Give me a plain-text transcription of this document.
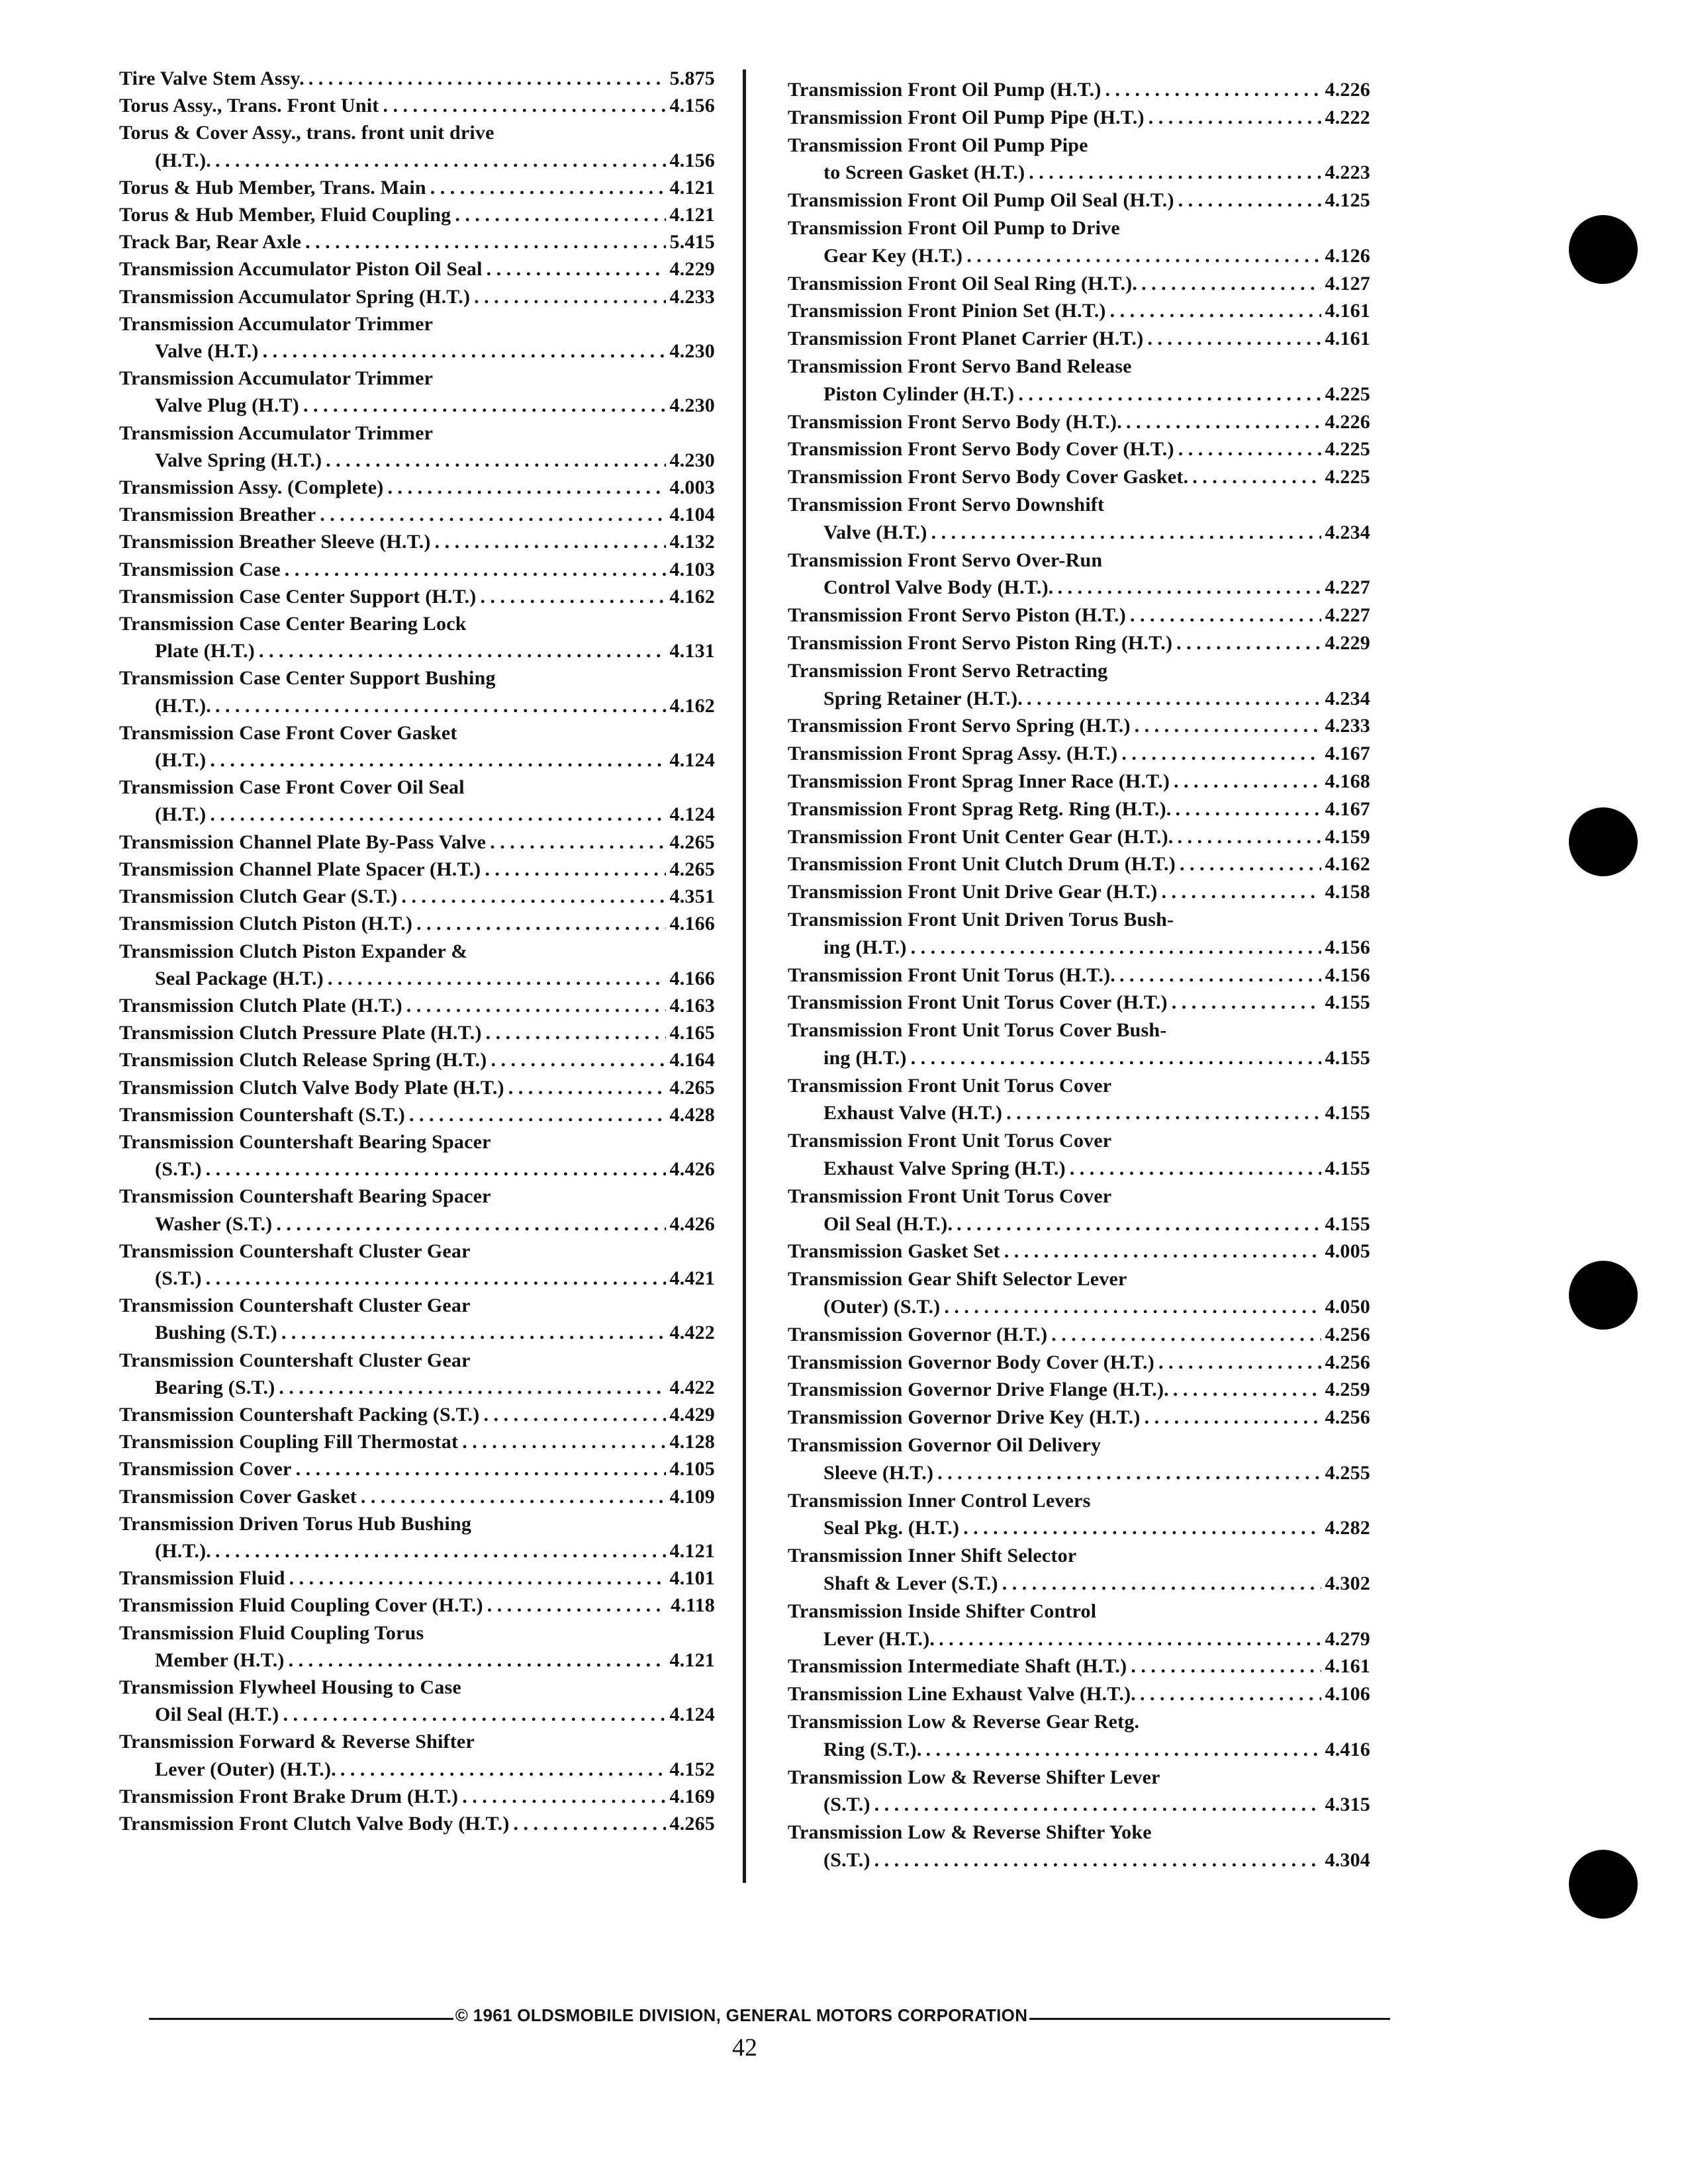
Tire Valve Stem Assy. . . .	5.875
Torus Assy., Trans. Front Unit . . .	4.156
Torus & Cover Assy., trans. front unit drive
(H.T.). . . .	4.156
Torus & Hub Member, Trans. Main . . .	4.121
Torus & Hub Member, Fluid Coupling . . .	4.121
Track Bar, Rear Axle . . .	5.415
Transmission Accumulator Piston Oil Seal . . .	4.229
Transmission Accumulator Spring (H.T.) . . .	4.233
Transmission Accumulator Trimmer
Valve (H.T.) . . .	4.230
Transmission Accumulator Trimmer
Valve Plug (H.T) . . .	4.230
Transmission Accumulator Trimmer
Valve Spring (H.T.) . . .	4.230
Transmission Assy. (Complete) . . .	4.003
Transmission Breather . . .	4.104
Transmission Breather Sleeve (H.T.) . . .	4.132
Transmission Case . . .	4.103
Transmission Case Center Support (H.T.) . . .	4.162
Transmission Case Center Bearing Lock
Plate (H.T.) . . .	4.131
Transmission Case Center Support Bushing
(H.T.). . . .	4.162
Transmission Case Front Cover Gasket
(H.T.) . . .	4.124
Transmission Case Front Cover Oil Seal
(H.T.) . . .	4.124
Transmission Channel Plate By-Pass Valve . . .	4.265
Transmission Channel Plate Spacer (H.T.) . . .	4.265
Transmission Clutch Gear (S.T.) . . .	4.351
Transmission Clutch Piston (H.T.) . . .	4.166
Transmission Clutch Piston Expander &
Seal Package (H.T.) . . .	4.166
Transmission Clutch Plate (H.T.) . . .	4.163
Transmission Clutch Pressure Plate (H.T.) . . .	4.165
Transmission Clutch Release Spring (H.T.) . . .	4.164
Transmission Clutch Valve Body Plate (H.T.) . . .	4.265
Transmission Countershaft (S.T.) . . .	4.428
Transmission Countershaft Bearing Spacer
(S.T.) . . .	4.426
Transmission Countershaft Bearing Spacer
Washer (S.T.) . . .	4.426
Transmission Countershaft Cluster Gear
(S.T.) . . .	4.421
Transmission Countershaft Cluster Gear
Bushing (S.T.) . . .	4.422
Transmission Countershaft Cluster Gear
Bearing (S.T.) . . .	4.422
Transmission Countershaft Packing (S.T.) . . .	4.429
Transmission Coupling Fill Thermostat . . .	4.128
Transmission Cover . . .	4.105
Transmission Cover Gasket . . .	4.109
Transmission Driven Torus Hub Bushing
(H.T.). . . .	4.121
Transmission Fluid . . .	4.101
Transmission Fluid Coupling Cover (H.T.) . . .	4.118
Transmission Fluid Coupling Torus
Member (H.T.) . . .	4.121
Transmission Flywheel Housing to Case
Oil Seal (H.T.) . . .	4.124
Transmission Forward & Reverse Shifter
Lever (Outer) (H.T.). . . .	4.152
Transmission Front Brake Drum (H.T.) . . .	4.169
Transmission Front Clutch Valve Body (H.T.) . . .	4.265
Transmission Front Oil Pump (H.T.) . . .	4.226
Transmission Front Oil Pump Pipe (H.T.) . . .	4.222
Transmission Front Oil Pump Pipe
to Screen Gasket (H.T.) . . .	4.223
Transmission Front Oil Pump Oil Seal (H.T.) . . .	4.125
Transmission Front Oil Pump to Drive
Gear Key (H.T.) . . .	4.126
Transmission Front Oil Seal Ring (H.T.). . . .	4.127
Transmission Front Pinion Set (H.T.) . . .	4.161
Transmission Front Planet Carrier (H.T.) . . .	4.161
Transmission Front Servo Band Release
Piston Cylinder (H.T.) . . .	4.225
Transmission Front Servo Body (H.T.). . . .	4.226
Transmission Front Servo Body Cover (H.T.) . . .	4.225
Transmission Front Servo Body Cover Gasket. . . .	4.225
Transmission Front Servo Downshift
Valve (H.T.) . . .	4.234
Transmission Front Servo Over-Run
Control Valve Body (H.T.). . . .	4.227
Transmission Front Servo Piston (H.T.) . . .	4.227
Transmission Front Servo Piston Ring (H.T.) . . .	4.229
Transmission Front Servo Retracting
Spring Retainer (H.T.). . . .	4.234
Transmission Front Servo Spring (H.T.) . . .	4.233
Transmission Front Sprag Assy. (H.T.) . . .	4.167
Transmission Front Sprag Inner Race (H.T.) . . .	4.168
Transmission Front Sprag Retg. Ring (H.T.). . . .	4.167
Transmission Front Unit Center Gear (H.T.). . . .	4.159
Transmission Front Unit Clutch Drum (H.T.) . . .	4.162
Transmission Front Unit Drive Gear (H.T.) . . .	4.158
Transmission Front Unit Driven Torus Bush-
ing (H.T.) . . .	4.156
Transmission Front Unit Torus (H.T.). . . .	4.156
Transmission Front Unit Torus Cover (H.T.) . . .	4.155
Transmission Front Unit Torus Cover Bush-
ing (H.T.) . . .	4.155
Transmission Front Unit Torus Cover
Exhaust Valve (H.T.) . . .	4.155
Transmission Front Unit Torus Cover
Exhaust Valve Spring (H.T.) . . .	4.155
Transmission Front Unit Torus Cover
Oil Seal (H.T.). . . .	4.155
Transmission Gasket Set . . .	4.005
Transmission Gear Shift Selector Lever
(Outer) (S.T.) . . .	4.050
Transmission Governor (H.T.) . . .	4.256
Transmission Governor Body Cover (H.T.) . . .	4.256
Transmission Governor Drive Flange (H.T.). . . .	4.259
Transmission Governor Drive Key (H.T.) . . .	4.256
Transmission Governor Oil Delivery
Sleeve (H.T.) . . .	4.255
Transmission Inner Control Levers
Seal Pkg. (H.T.) . . .	4.282
Transmission Inner Shift Selector
Shaft & Lever (S.T.) . . .	4.302
Transmission Inside Shifter Control
Lever (H.T.). . . .	4.279
Transmission Intermediate Shaft (H.T.) . . .	4.161
Transmission Line Exhaust Valve (H.T.). . . .	4.106
Transmission Low & Reverse Gear Retg.
Ring (S.T.). . . .	4.416
Transmission Low & Reverse Shifter Lever
(S.T.) . . .	4.315
Transmission Low & Reverse Shifter Yoke
(S.T.) . . .	4.304
© 1961 OLDSMOBILE DIVISION, GENERAL MOTORS CORPORATION
42
